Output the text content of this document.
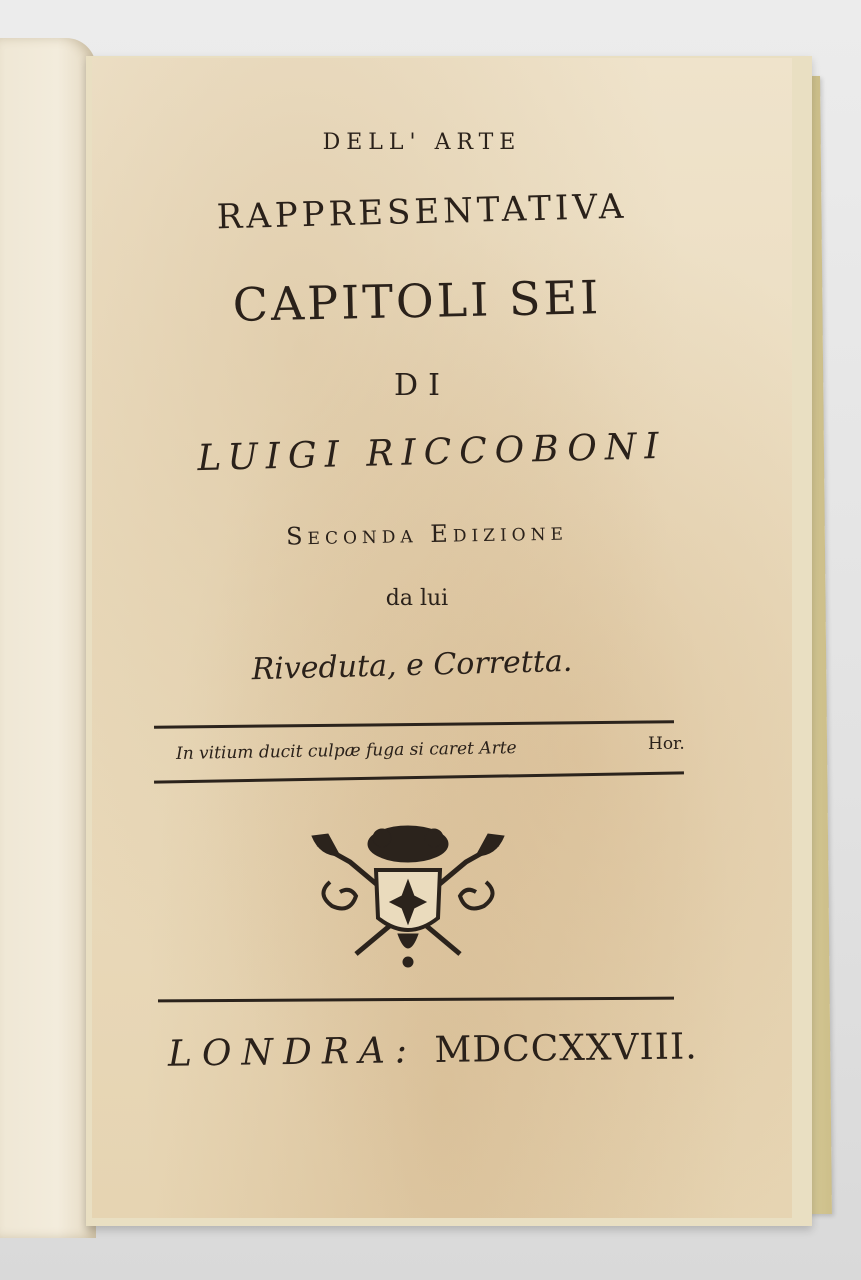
DELL' ARTE
RAPPRESENTATIVA
CAPITOLI SEI
DI
LUIGI RICCOBONI
Seconda Edizione
da lui
Riveduta, e Corretta.
In vitium ducit culpæ fuga si caret Arte	Hor.
LONDRA: MDCCXXVIII.
